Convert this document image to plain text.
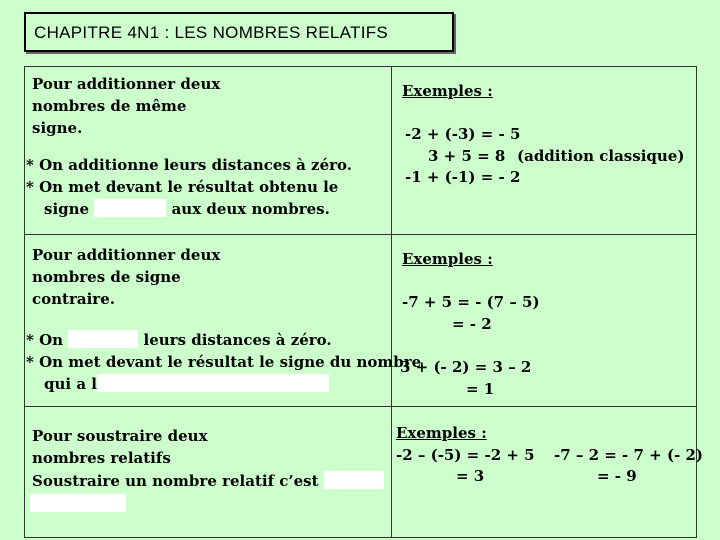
CHAPITRE 4N1 : LES NOMBRES RELATIFS
Pour additionner deux
nombres de même
signe.
* On additionne leurs distances à zéro.
* On met devant le résultat obtenu le
signe	aux deux nombres.
Exemples :
-2 + (-3) = - 5
3 + 5 = 8 (addition classique)
-1 + (-1) = - 2
Pour additionner deux
nombres de signe
contraire.
* On	leurs distances à zéro.
* On met devant le résultat le signe du nombre
qui a l
Exemples :
-7 + 5 = - (7 – 5)
= - 2
3 + (- 2) = 3 – 2
= 1
Pour soustraire deux
nombres relatifs
Soustraire un nombre relatif c’est
Exemples :
-2 – (-5) = -2 + 5
= 3
-7 – 2 = - 7 + (- 2)
= - 9
